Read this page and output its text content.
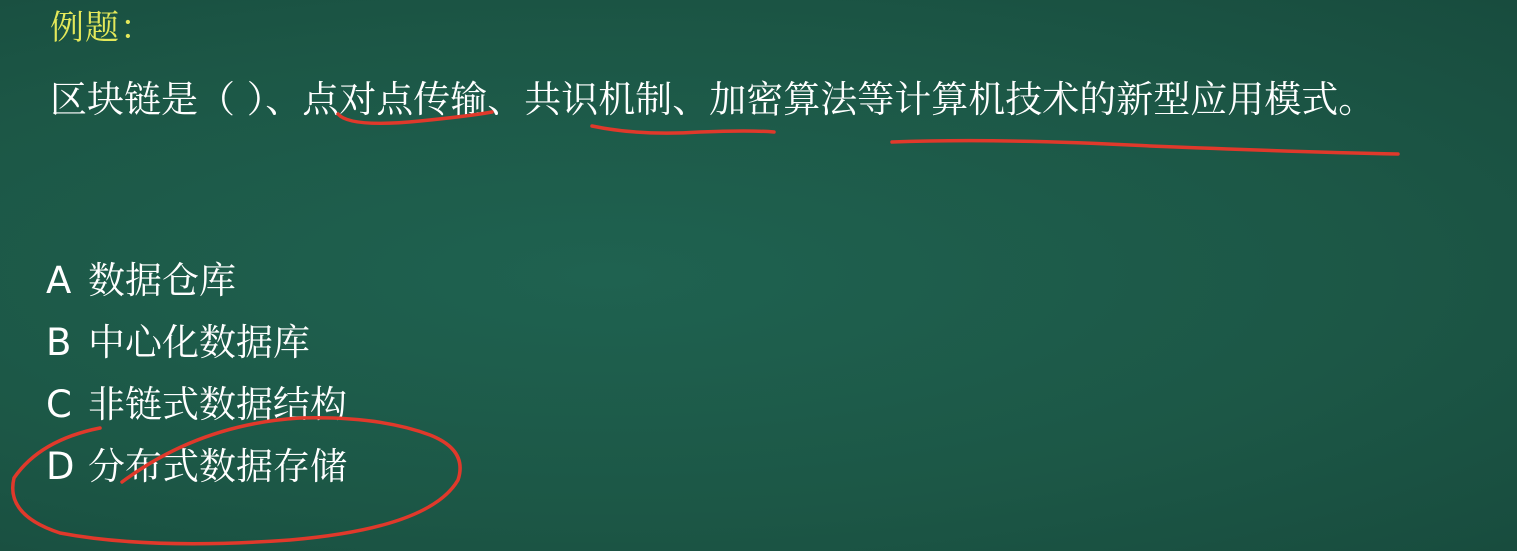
例题：
区块链是（ ）、点对点传输、共识机制、加密算法等计算机技术的新型应用模式。
A 数据仓库
B 中心化数据库
C 非链式数据结构
D 分布式数据存储
